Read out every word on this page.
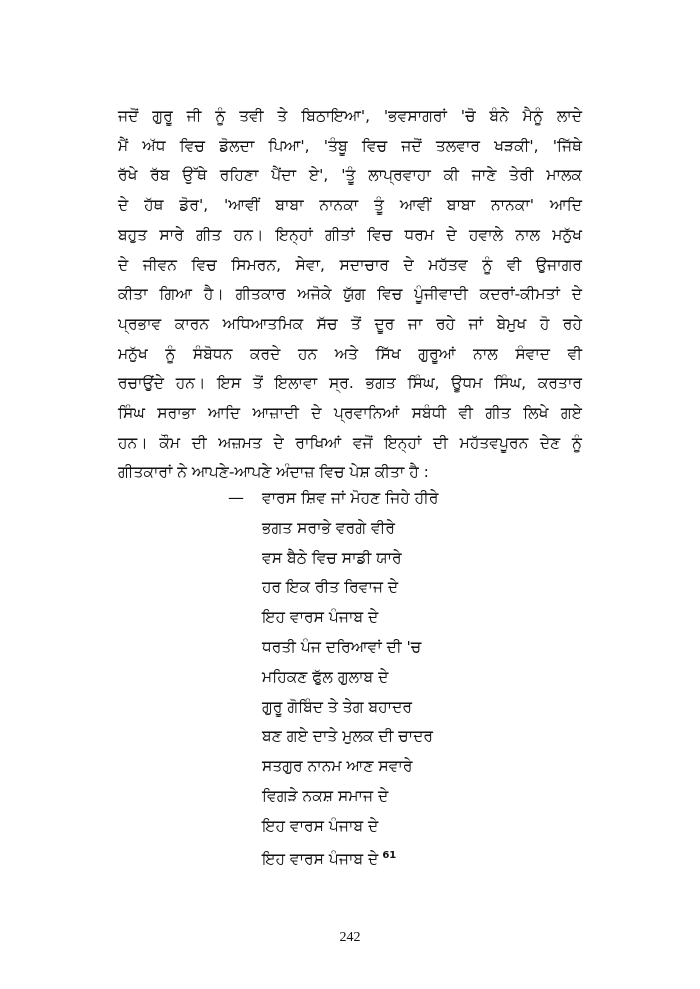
ਜਦੋਂ ਗੁਰੂ ਜੀ ਨੂੰ ਤਵੀ ਤੇ ਬਿਠਾਇਆ', 'ਭਵਸਾਗਰਾਂ 'ਚੋ ਬੰਨੇ ਮੈਨੂੰ ਲਾਦੇ
ਮੈਂ ਅੱਧ ਵਿਚ ਡੋਲਦਾ ਪਿਆ', 'ਤੰਬੂ ਵਿਚ ਜਦੋਂ ਤਲਵਾਰ ਖੜਕੀ', 'ਜਿੱਥੇ
ਰੱਖੇ ਰੱਬ ਉੱਥੇ ਰਹਿਣਾ ਪੈਂਦਾ ਏ', 'ਤੂੰ ਲਾਪ੍ਰਵਾਹਾ ਕੀ ਜਾਣੇ ਤੇਰੀ ਮਾਲਕ
ਦੇ ਹੱਥ ਡੋਰ', 'ਆਵੀਂ ਬਾਬਾ ਨਾਨਕਾ ਤੂੰ ਆਵੀਂ ਬਾਬਾ ਨਾਨਕਾ' ਆਦਿ
ਬਹੁਤ ਸਾਰੇ ਗੀਤ ਹਨ। ਇਨ੍ਹਾਂ ਗੀਤਾਂ ਵਿਚ ਧਰਮ ਦੇ ਹਵਾਲੇ ਨਾਲ ਮਨੁੱਖ
ਦੇ ਜੀਵਨ ਵਿਚ ਸਿਮਰਨ, ਸੇਵਾ, ਸਦਾਚਾਰ ਦੇ ਮਹੱਤਵ ਨੂੰ ਵੀ ਉਜਾਗਰ
ਕੀਤਾ ਗਿਆ ਹੈ। ਗੀਤਕਾਰ ਅਜੋਕੇ ਯੁੱਗ ਵਿਚ ਪੂੰਜੀਵਾਦੀ ਕਦਰਾਂ-ਕੀਮਤਾਂ ਦੇ
ਪ੍ਰਭਾਵ ਕਾਰਨ ਅਧਿਆਤਮਿਕ ਸੱਚ ਤੋਂ ਦੂਰ ਜਾ ਰਹੇ ਜਾਂ ਬੇਮੁਖ ਹੋ ਰਹੇ
ਮਨੁੱਖ ਨੂੰ ਸੰਬੋਧਨ ਕਰਦੇ ਹਨ ਅਤੇ ਸਿੱਖ ਗੁਰੂਆਂ ਨਾਲ ਸੰਵਾਦ ਵੀ
ਰਚਾਉਂਦੇ ਹਨ। ਇਸ ਤੋਂ ਇਲਾਵਾ ਸ੍ਰ. ਭਗਤ ਸਿੰਘ, ਊਧਮ ਸਿੰਘ, ਕਰਤਾਰ
ਸਿੰਘ ਸਰਾਭਾ ਆਦਿ ਆਜ਼ਾਦੀ ਦੇ ਪ੍ਰਵਾਨਿਆਂ ਸਬੰਧੀ ਵੀ ਗੀਤ ਲਿਖੇ ਗਏ
ਹਨ। ਕੌਮ ਦੀ ਅਜ਼ਮਤ ਦੇ ਰਾਖਿਆਂ ਵਜੋਂ ਇਨ੍ਹਾਂ ਦੀ ਮਹੱਤਵਪੂਰਨ ਦੇਣ ਨੂੰ
ਗੀਤਕਾਰਾਂ ਨੇ ਆਪਣੇ-ਆਪਣੇ ਅੰਦਾਜ਼ ਵਿਚ ਪੇਸ਼ ਕੀਤਾ ਹੈ :
— ਵਾਰਸ ਸ਼ਿਵ ਜਾਂ ਮੋਹਣ ਜਿਹੇ ਹੀਰੇ
ਭਗਤ ਸਰਾਭੇ ਵਰਗੇ ਵੀਰੇ
ਵਸ ਬੈਠੇ ਵਿਚ ਸਾਡੀ ਯਾਰੇ
ਹਰ ਇਕ ਰੀਤ ਰਿਵਾਜ ਦੇ
ਇਹ ਵਾਰਸ ਪੰਜਾਬ ਦੇ
ਧਰਤੀ ਪੰਜ ਦਰਿਆਵਾਂ ਦੀ 'ਚ
ਮਹਿਕਣ ਫੁੱਲ ਗੁਲਾਬ ਦੇ
ਗੁਰੂ ਗੋਬਿੰਦ ਤੇ ਤੇਗ ਬਹਾਦਰ
ਬਣ ਗਏ ਦਾਤੇ ਮੁਲਕ ਦੀ ਚਾਦਰ
ਸਤਗੁਰ ਨਾਨਮ ਆਣ ਸਵਾਰੇ
ਵਿਗੜੇ ਨਕਸ਼ ਸਮਾਜ ਦੇ
ਇਹ ਵਾਰਸ ਪੰਜਾਬ ਦੇ
ਇਹ ਵਾਰਸ ਪੰਜਾਬ ਦੇ $^{61}$
242
